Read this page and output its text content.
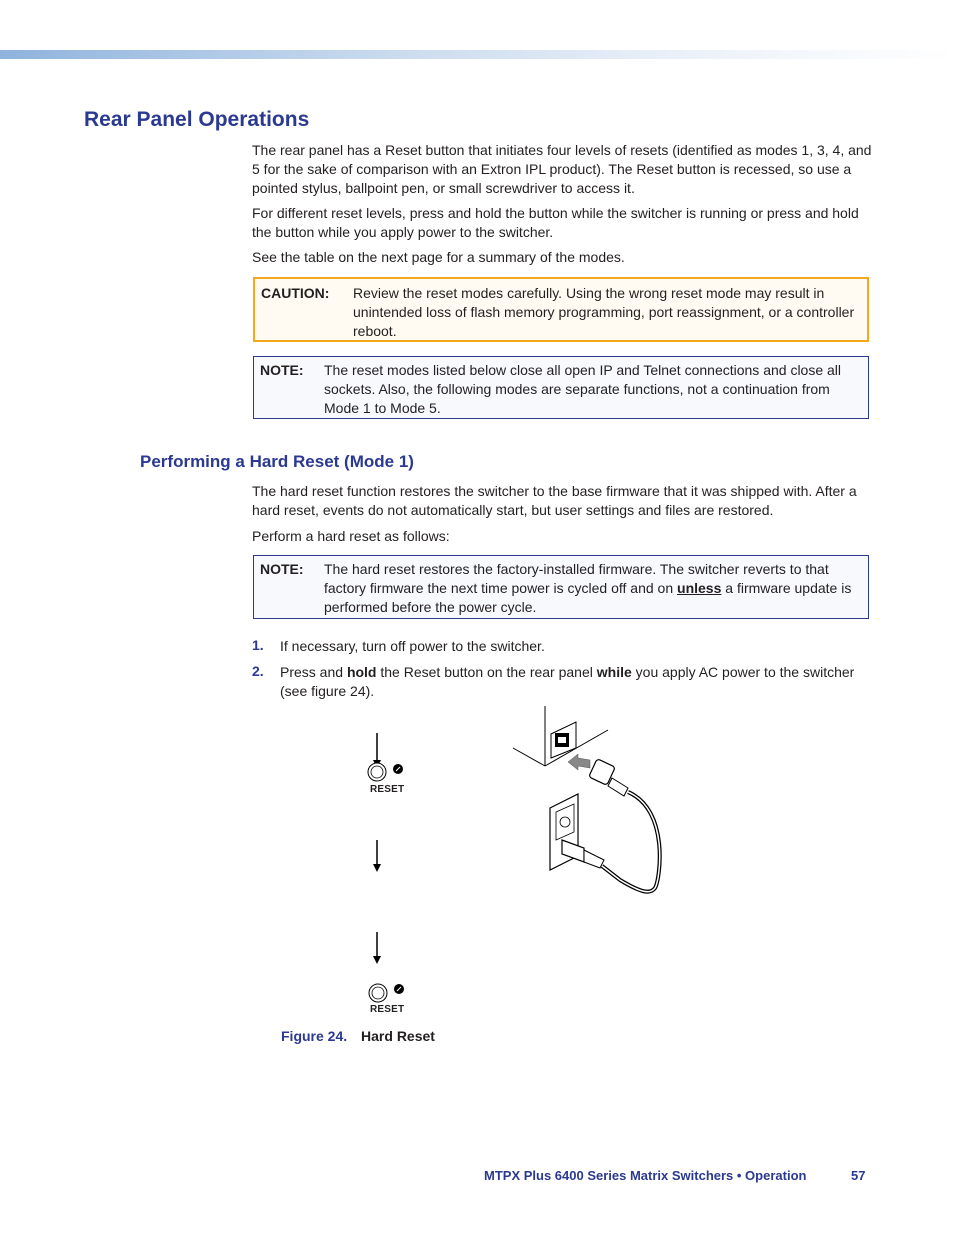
Rear Panel Operations

The rear panel has a Reset button that initiates four levels of resets (identified as modes 1, 3, 4, and 5 for the sake of comparison with an Extron IPL product). The Reset button is recessed, so use a pointed stylus, ballpoint pen, or small screwdriver to access it.

For different reset levels, press and hold the button while the switcher is running or press and hold the button while you apply power to the switcher.

See the table on the next page for a summary of the modes.

CAUTION: Review the reset modes carefully. Using the wrong reset mode may result in unintended loss of flash memory programming, port reassignment, or a controller reboot.
NOTE: The reset modes listed below close all open IP and Telnet connections and close all sockets. Also, the following modes are separate functions, not a continuation from Mode 1 to Mode 5.
Performing a Hard Reset (Mode 1)

The hard reset function restores the switcher to the base firmware that it was shipped with. After a hard reset, events do not automatically start, but user settings and files are restored.

Perform a hard reset as follows:

NOTE: The hard reset restores the factory-installed firmware. The switcher reverts to that factory firmware the next time power is cycled off and on unless a firmware update is performed before the power cycle.
1. If necessary, turn off power to the switcher.
2. Press and hold the Reset button on the rear panel while you apply AC power to the switcher (see figure 24).
RESET
RESET
Figure 24. Hard Reset
MTPX Plus 6400 Series Matrix Switchers • Operation	57
